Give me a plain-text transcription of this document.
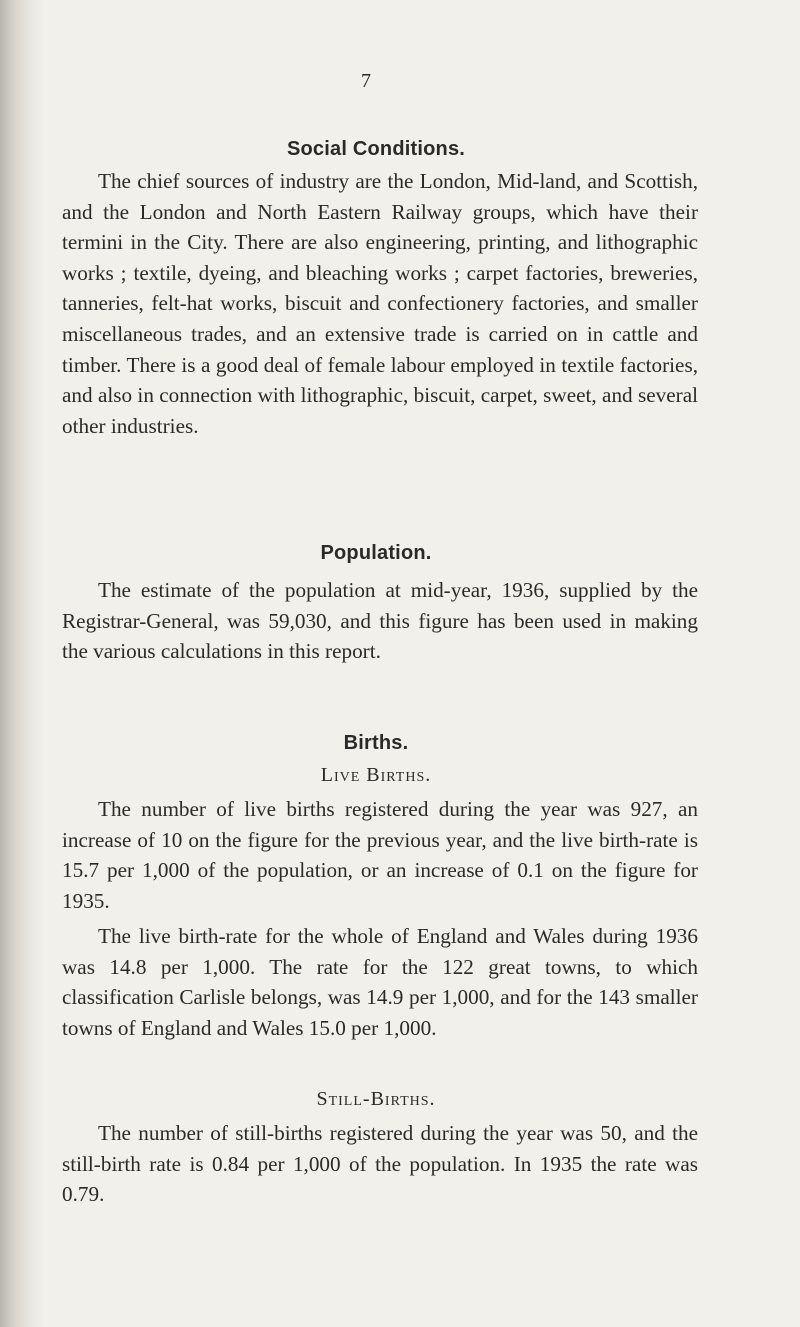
7
Social Conditions.

The chief sources of industry are the London, Mid-land, and Scottish, and the London and North Eastern Railway groups, which have their termini in the City. There are also engineering, printing, and lithographic works ; textile, dyeing, and bleaching works ; carpet factories, breweries, tanneries, felt-hat works, biscuit and confectionery factories, and smaller miscellaneous trades, and an extensive trade is carried on in cattle and timber. There is a good deal of female labour employed in textile factories, and also in connection with lithographic, biscuit, carpet, sweet, and several other industries.

Population.

The estimate of the population at mid-year, 1936, supplied by the Registrar-General, was 59,030, and this figure has been used in making the various calculations in this report.

Births.
Live Births.

The number of live births registered during the year was 927, an increase of 10 on the figure for the previous year, and the live birth-rate is 15.7 per 1,000 of the population, or an increase of 0.1 on the figure for 1935.

The live birth-rate for the whole of England and Wales during 1936 was 14.8 per 1,000. The rate for the 122 great towns, to which classification Carlisle belongs, was 14.9 per 1,000, and for the 143 smaller towns of England and Wales 15.0 per 1,000.

Still-Births.

The number of still-births registered during the year was 50, and the still-birth rate is 0.84 per 1,000 of the population. In 1935 the rate was 0.79.
